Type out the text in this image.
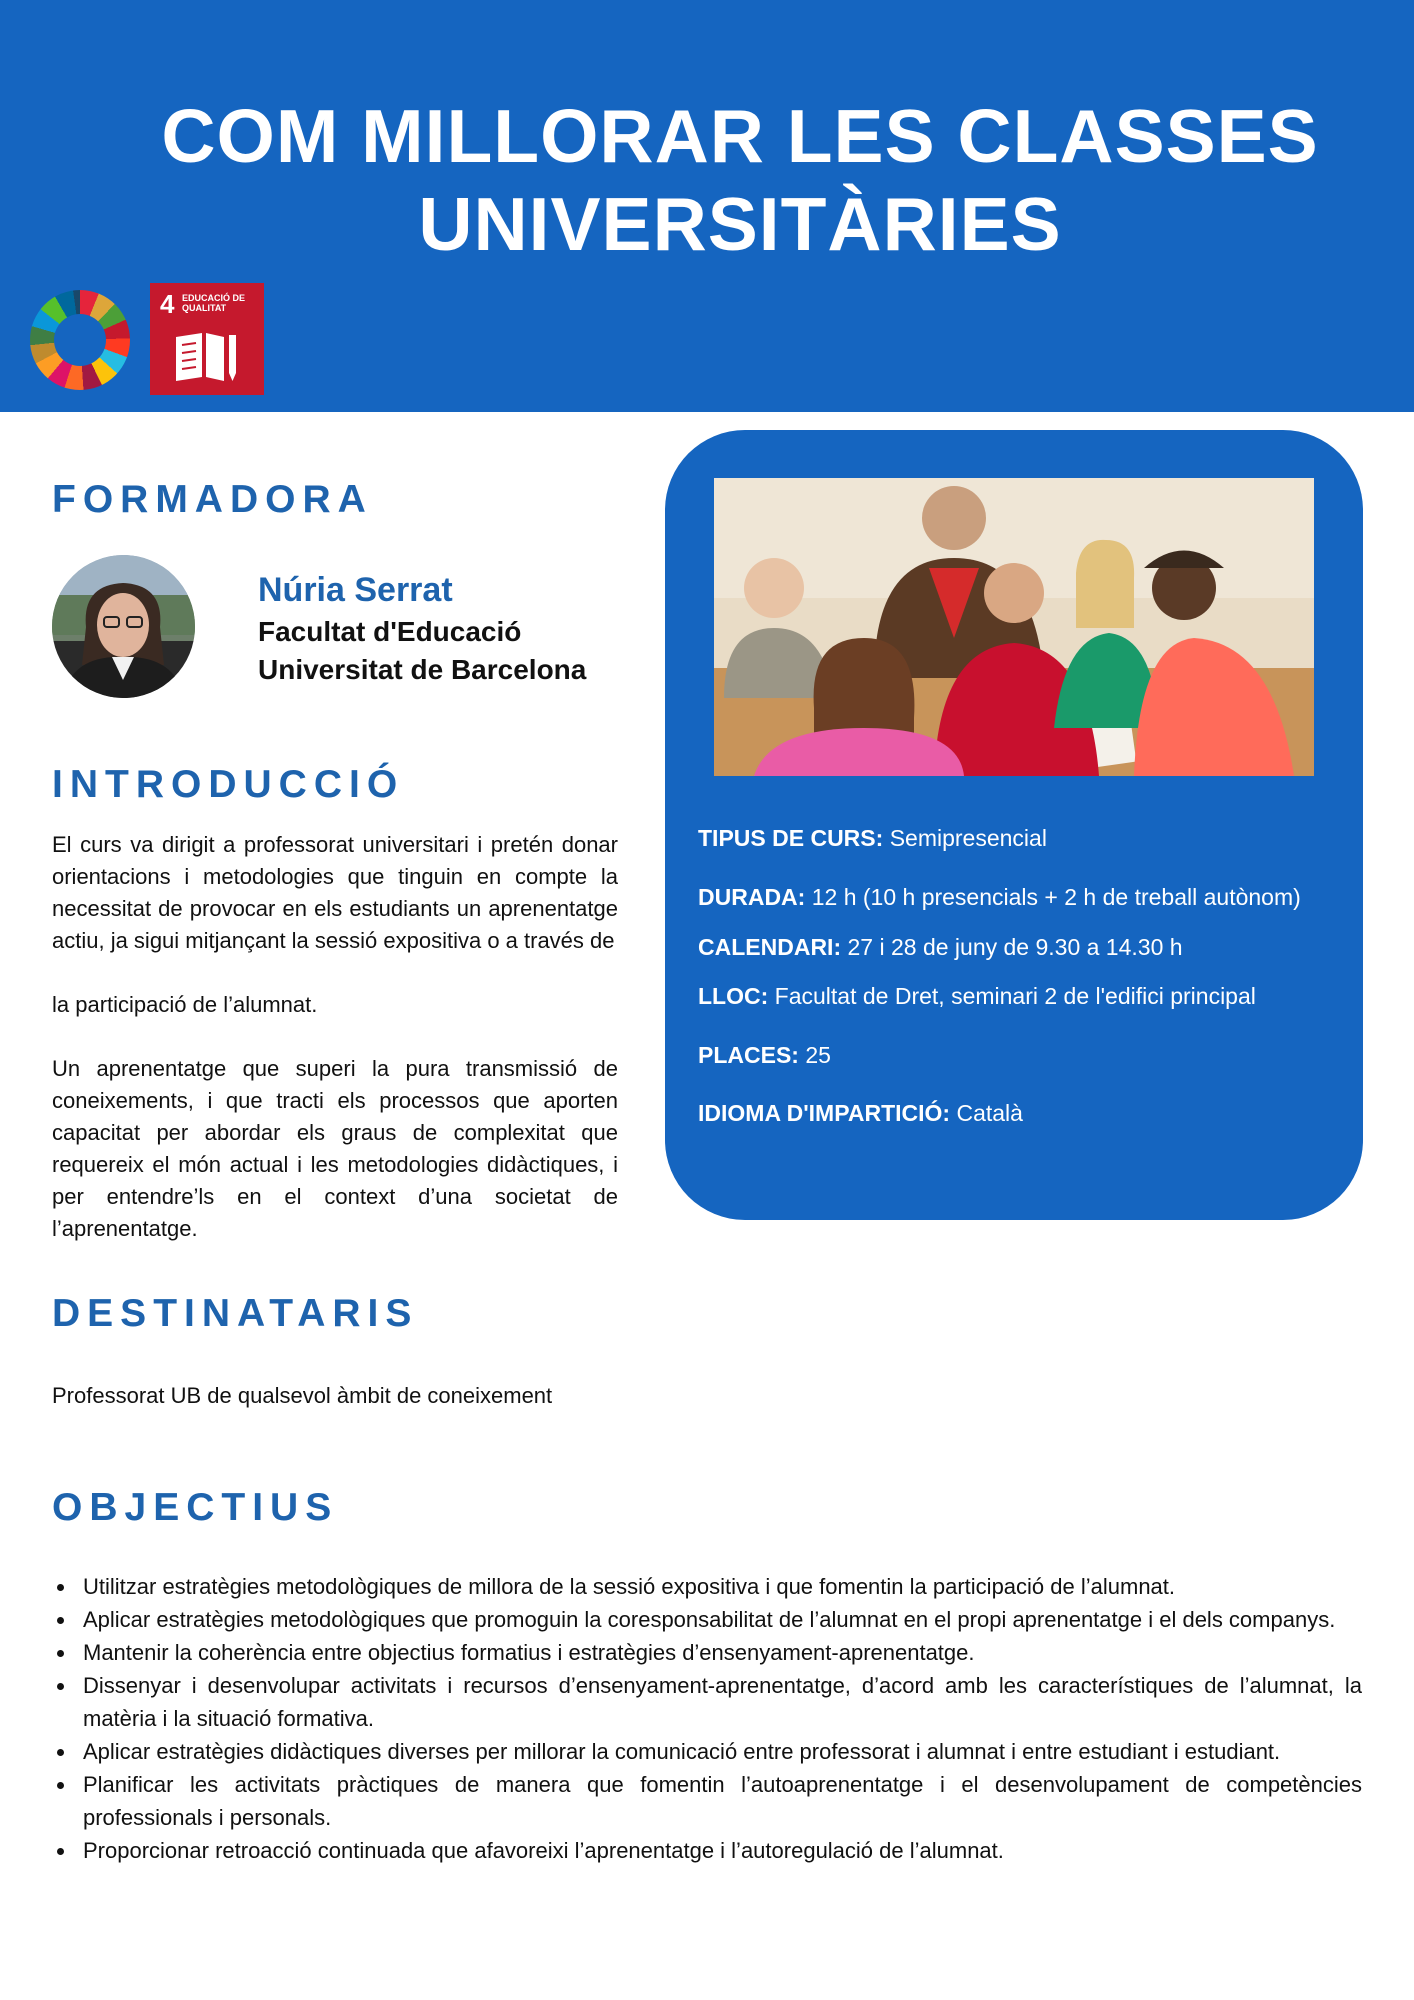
COM MILLORAR LES CLASSES
UNIVERSITÀRIES
4 EDUCACIÓ DE QUALITAT
FORMADORA
Núria Serrat
Facultat d'Educació
Universitat de Barcelona
INTRODUCCIÓ
El curs va dirigit a professorat universitari i pretén donar orientacions i metodologies que tinguin en compte la necessitat de provocar en els estudiants un aprenentatge actiu, ja sigui mitjançant la sessió expositiva o a través de
la participació de l’alumnat.
Un aprenentatge que superi la pura transmissió de coneixements, i que tracti els processos que aporten capacitat per abordar els graus de complexitat que requereix el món actual i les metodologies didàctiques, i per entendre’ls en el context d’una societat de l’aprenentatge.
TIPUS DE CURS: Semipresencial
DURADA: 12 h (10 h presencials + 2 h de treball autònom)
CALENDARI: 27 i 28 de juny de 9.30 a 14.30 h
LLOC: Facultat de Dret, seminari 2 de l'edifici principal
PLACES: 25
IDIOMA D'IMPARTICIÓ: Català
DESTINATARIS
Professorat UB de qualsevol àmbit de coneixement
OBJECTIUS
Utilitzar estratègies metodològiques de millora de la sessió expositiva i que fomentin la participació de l’alumnat.
Aplicar estratègies metodològiques que promoguin la coresponsabilitat de l’alumnat en el propi aprenentatge i el dels companys.
Mantenir la coherència entre objectius formatius i estratègies d’ensenyament-aprenentatge.
Dissenyar i desenvolupar activitats i recursos d’ensenyament-aprenentatge, d’acord amb les característiques de l’alumnat, la matèria i la situació formativa.
Aplicar estratègies didàctiques diverses per millorar la comunicació entre professorat i alumnat i entre estudiant i estudiant.
Planificar les activitats pràctiques de manera que fomentin l’autoaprenentatge i el desenvolupament de competències professionals i personals.
Proporcionar retroacció continuada que afavoreixi l’aprenentatge i l’autoregulació de l’alumnat.
